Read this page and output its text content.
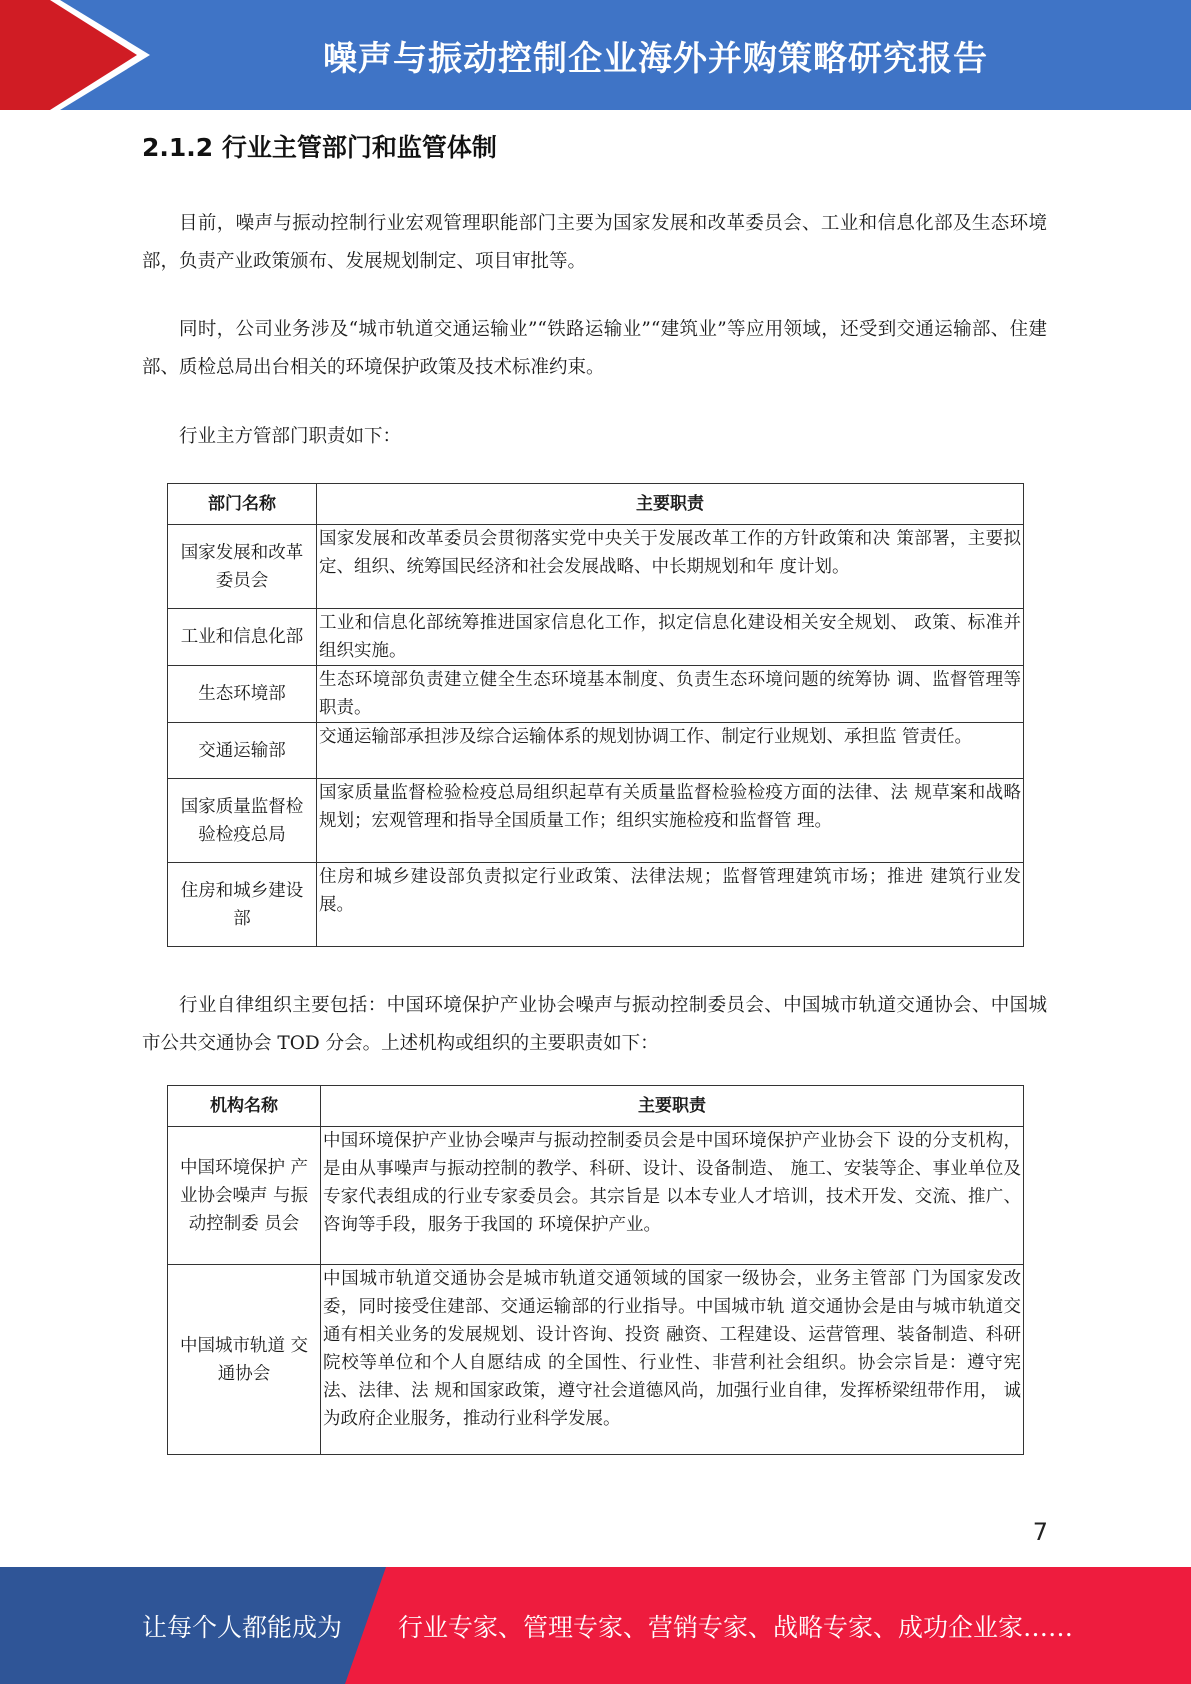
噪声与振动控制企业海外并购策略研究报告
2.1.2 行业主管部门和监管体制

目前，噪声与振动控制行业宏观管理职能部门主要为国家发展和改革委员会、工业和信息化部及生态环境部，负责产业政策颁布、发展规划制定、项目审批等。

同时，公司业务涉及“城市轨道交通运输业”“铁路运输业”“建筑业”等应用领域，还受到交通运输部、住建部、质检总局出台相关的环境保护政策及技术标准约束。

行业主方管部门职责如下：

部门名称	主要职责
国家发展和改革委员会	国家发展和改革委员会贯彻落实党中央关于发展改革工作的方针政策和决 策部署，主要拟定、组织、统筹国民经济和社会发展战略、中长期规划和年 度计划。
工业和信息化部	工业和信息化部统筹推进国家信息化工作，拟定信息化建设相关安全规划、 政策、标准并组织实施。
生态环境部	生态环境部负责建立健全生态环境基本制度、负责生态环境问题的统筹协 调、监督管理等职责。
交通运输部	交通运输部承担涉及综合运输体系的规划协调工作、制定行业规划、承担监 管责任。
国家质量监督检验检疫总局	国家质量监督检验检疫总局组织起草有关质量监督检验检疫方面的法律、法 规草案和战略规划；宏观管理和指导全国质量工作；组织实施检疫和监督管 理。
住房和城乡建设部	住房和城乡建设部负责拟定行业政策、法律法规；监督管理建筑市场；推进 建筑行业发展。

行业自律组织主要包括：中国环境保护产业协会噪声与振动控制委员会、中国城市轨道交通协会、中国城市公共交通协会 TOD 分会。上述机构或组织的主要职责如下：

机构名称	主要职责
中国环境保护 产业协会噪声 与振动控制委 员会	中国环境保护产业协会噪声与振动控制委员会是中国环境保护产业协会下 设的分支机构，是由从事噪声与振动控制的教学、科研、设计、设备制造、 施工、安装等企、事业单位及专家代表组成的行业专家委员会。其宗旨是 以本专业人才培训，技术开发、交流、推广、咨询等手段，服务于我国的 环境保护产业。
中国城市轨道 交通协会	中国城市轨道交通协会是城市轨道交通领域的国家一级协会，业务主管部 门为国家发改委，同时接受住建部、交通运输部的行业指导。中国城市轨 道交通协会是由与城市轨道交通有相关业务的发展规划、设计咨询、投资 融资、工程建设、运营管理、装备制造、科研院校等单位和个人自愿结成 的全国性、行业性、非营利社会组织。协会宗旨是：遵守宪法、法律、法 规和国家政策，遵守社会道德风尚，加强行业自律，发挥桥梁纽带作用， 诚为政府企业服务，推动行业科学发展。
7
让每个人都能成为 行业专家、管理专家、营销专家、战略专家、成功企业家……
